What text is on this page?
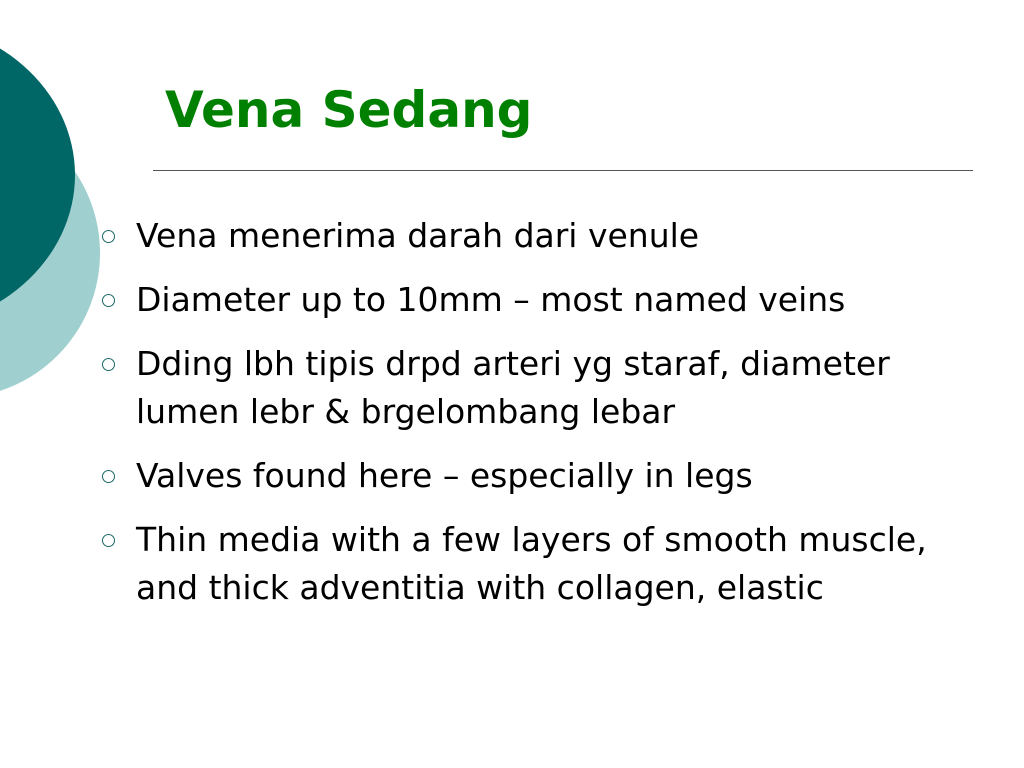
Vena Sedang
Vena menerima darah dari venule
Diameter up to 10mm – most named veins
Dding lbh tipis drpd arteri yg staraf, diameter lumen lebr & brgelombang lebar
Valves found here – especially in legs
Thin media with a few layers of smooth muscle, and thick adventitia with collagen, elastic
